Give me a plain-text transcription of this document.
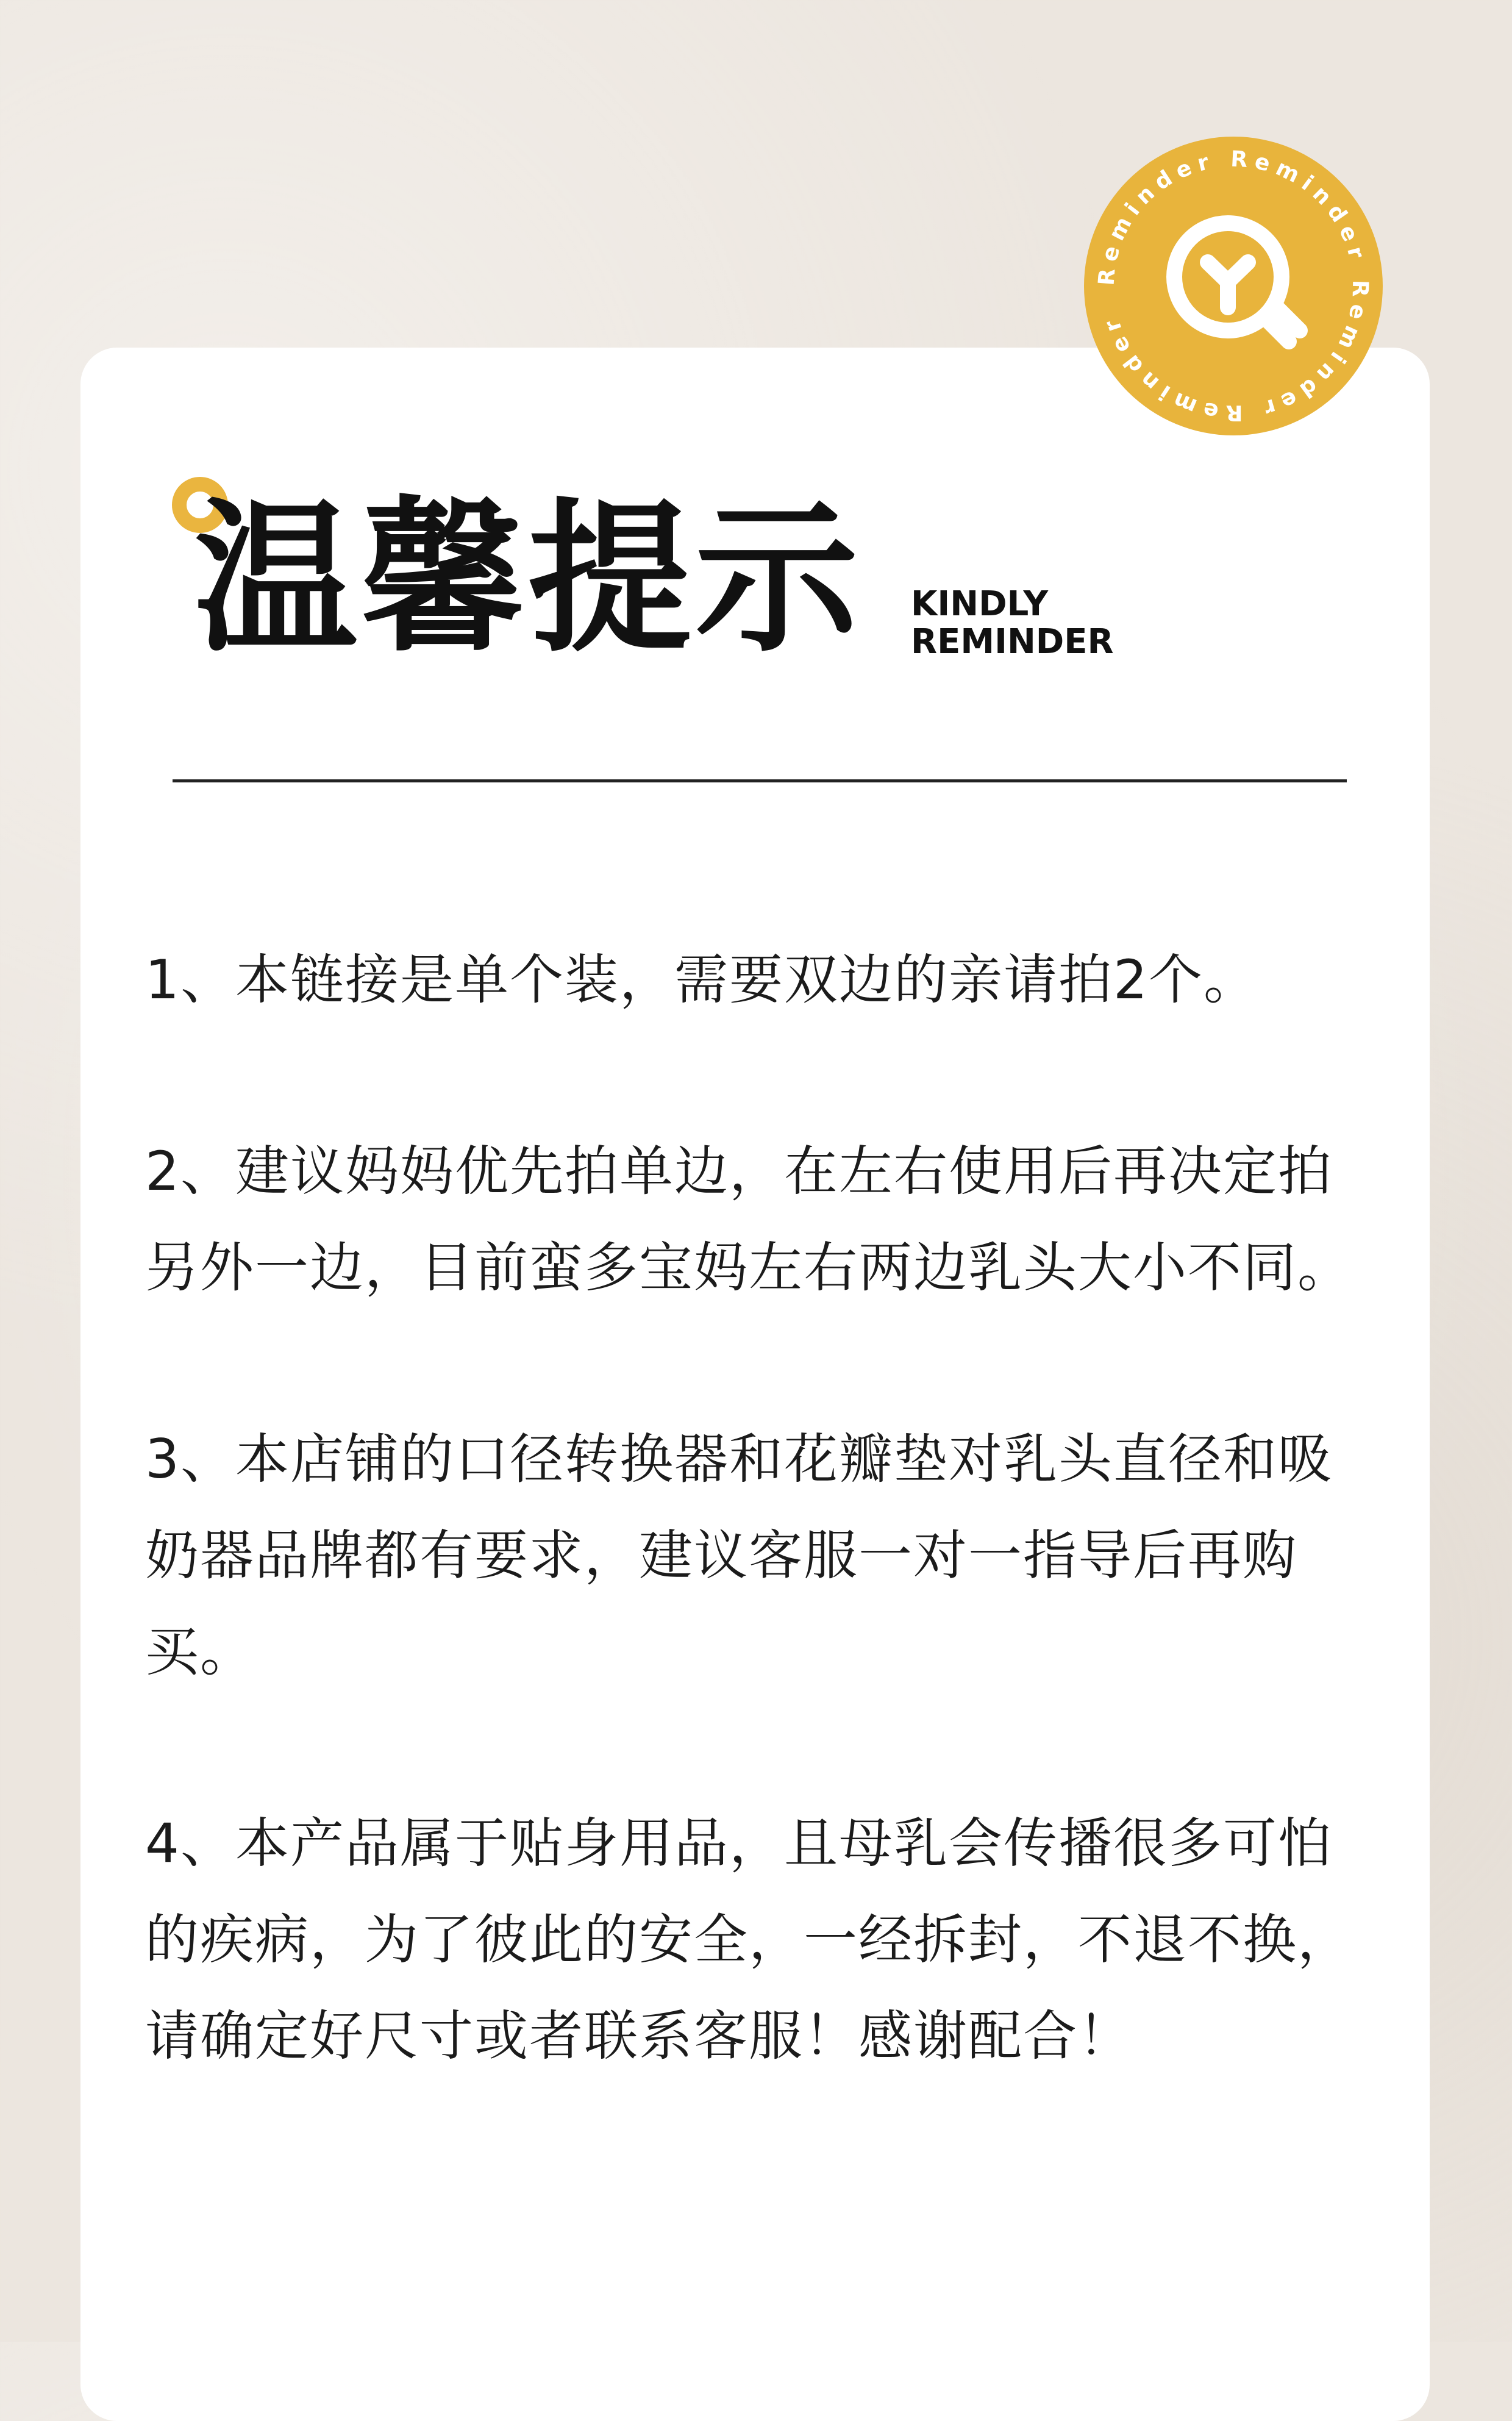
Reminder Reminder Reminder Reminder
温馨提示 KINDLY
REMINDER

1、本链接是单个装，需要双边的亲请拍2个。

2、建议妈妈优先拍单边，在左右使用后再决定拍另外一边，目前蛮多宝妈左右两边乳头大小不同。

3、本店铺的口径转换器和花瓣垫对乳头直径和吸奶器品牌都有要求，建议客服一对一指导后再购买。

4、本产品属于贴身用品，且母乳会传播很多可怕的疾病，为了彼此的安全，一经拆封，不退不换，请确定好尺寸或者联系客服！感谢配合！
